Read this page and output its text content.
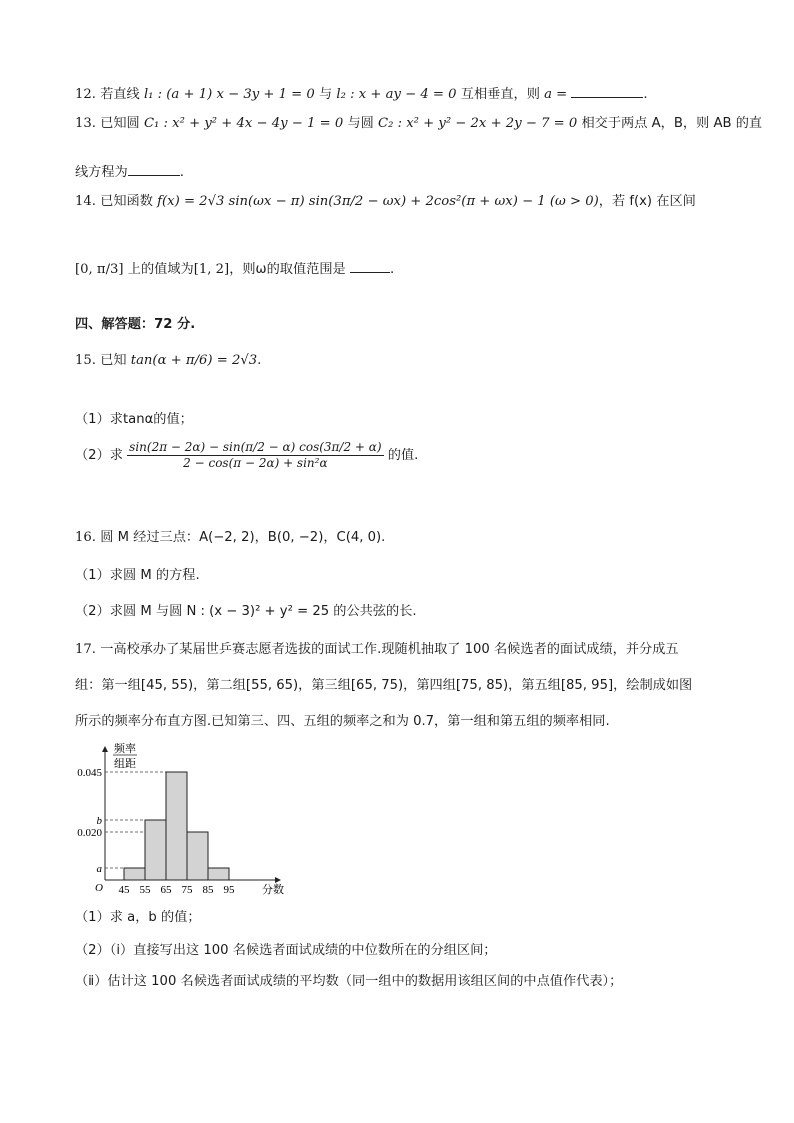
12. 若直线 l₁ : (a + 1) x − 3y + 1 = 0 与 l₂ : x + ay − 4 = 0 互相垂直，则 a =	.
13. 已知圆 C₁ : x² + y² + 4x − 4y − 1 = 0 与圆 C₂ : x² + y² − 2x + 2y − 7 = 0 相交于两点 A，B，则 AB 的直
线方程为	.
14. 已知函数 f(x) = 2√3 sin(ωx − π) sin(3π/2 − ωx) + 2cos²(π + ωx) − 1 (ω > 0)，若 f(x) 在区间
[0, π/3] 上的值域为[1, 2]，则ω的取值范围是	.
四、解答题：72 分.
15. 已知 tan(α + π/6) = 2√3.
（1）求tanα的值；
（2）求 $\frac{\sin(2\pi - 2\alpha) - \sin(\pi/2 - \alpha) \cos(3\pi/2 + \alpha)}{\text{2 − cos(π − 2α) + sin²α}}$ 的值.
16. 圆 M 经过三点：A(−2, 2)，B(0, −2)，C(4, 0).
（1）求圆 M 的方程.
（2）求圆 M 与圆 N : (x − 3)² + y² = 25 的公共弦的长.
17. 一高校承办了某届世乒赛志愿者选拔的面试工作.现随机抽取了 100 名候选者的面试成绩，并分成五
组：第一组[45, 55)，第二组[55, 65)，第三组[65, 75)，第四组[75, 85)，第五组[85, 95]，绘制成如图
所示的频率分布直方图.已知第三、四、五组的频率之和为 0.7，第一组和第五组的频率相同.
0.045
b
0.020
a
45 55 65 75 85 95
O	分数
频率
组距
（1）求 a，b 的值；
（2）（ⅰ）直接写出这 100 名候选者面试成绩的中位数所在的分组区间；
（ⅱ）估计这 100 名候选者面试成绩的平均数（同一组中的数据用该组区间的中点值作代表）；
